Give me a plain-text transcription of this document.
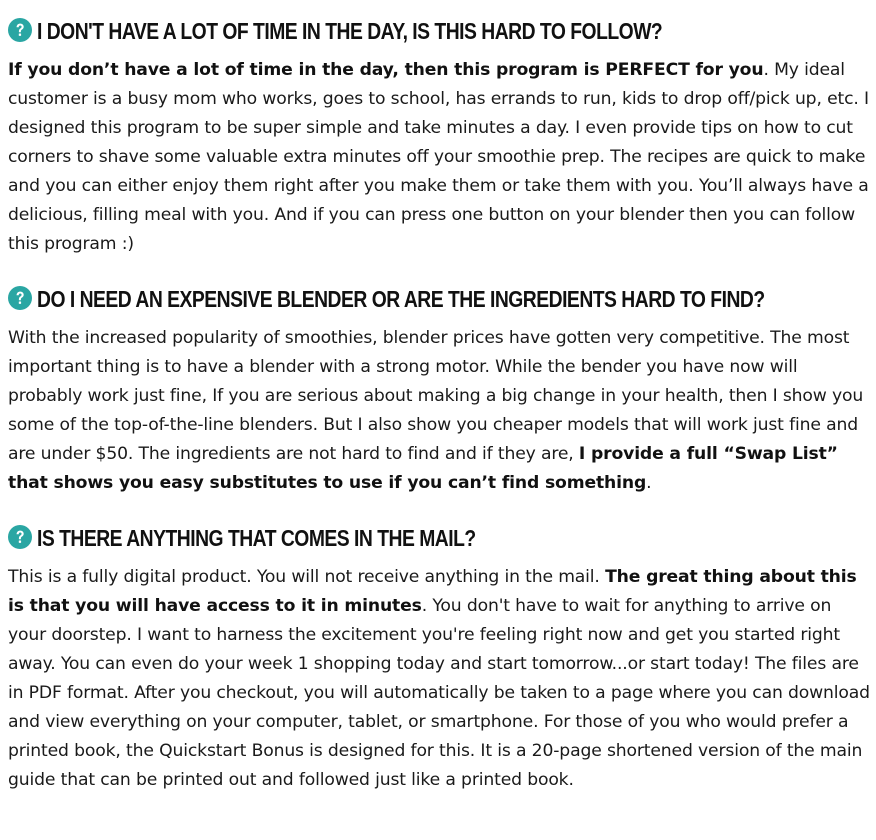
I DON'T HAVE A LOT OF TIME IN THE DAY, IS THIS HARD TO FOLLOW?

If you don’t have a lot of time in the day, then this program is PERFECT for you. My ideal customer is a busy mom who works, goes to school, has errands to run, kids to drop off/pick up, etc. I designed this program to be super simple and take minutes a day. I even provide tips on how to cut corners to shave some valuable extra minutes off your smoothie prep. The recipes are quick to make and you can either enjoy them right after you make them or take them with you. You’ll always have a delicious, filling meal with you. And if you can press one button on your blender then you can follow this program :)

DO I NEED AN EXPENSIVE BLENDER OR ARE THE INGREDIENTS HARD TO FIND?

With the increased popularity of smoothies, blender prices have gotten very competitive. The most important thing is to have a blender with a strong motor. While the bender you have now will probably work just fine, If you are serious about making a big change in your health, then I show you some of the top-of-the-line blenders. But I also show you cheaper models that will work just fine and are under $50. The ingredients are not hard to find and if they are, I provide a full “Swap List” that shows you easy substitutes to use if you can’t find something.

IS THERE ANYTHING THAT COMES IN THE MAIL?

This is a fully digital product. You will not receive anything in the mail. The great thing about this is that you will have access to it in minutes. You don't have to wait for anything to arrive on your doorstep. I want to harness the excitement you're feeling right now and get you started right away. You can even do your week 1 shopping today and start tomorrow...or start today! The files are in PDF format. After you checkout, you will automatically be taken to a page where you can download and view everything on your computer, tablet, or smartphone. For those of you who would prefer a printed book, the Quickstart Bonus is designed for this. It is a 20-page shortened version of the main guide that can be printed out and followed just like a printed book.
